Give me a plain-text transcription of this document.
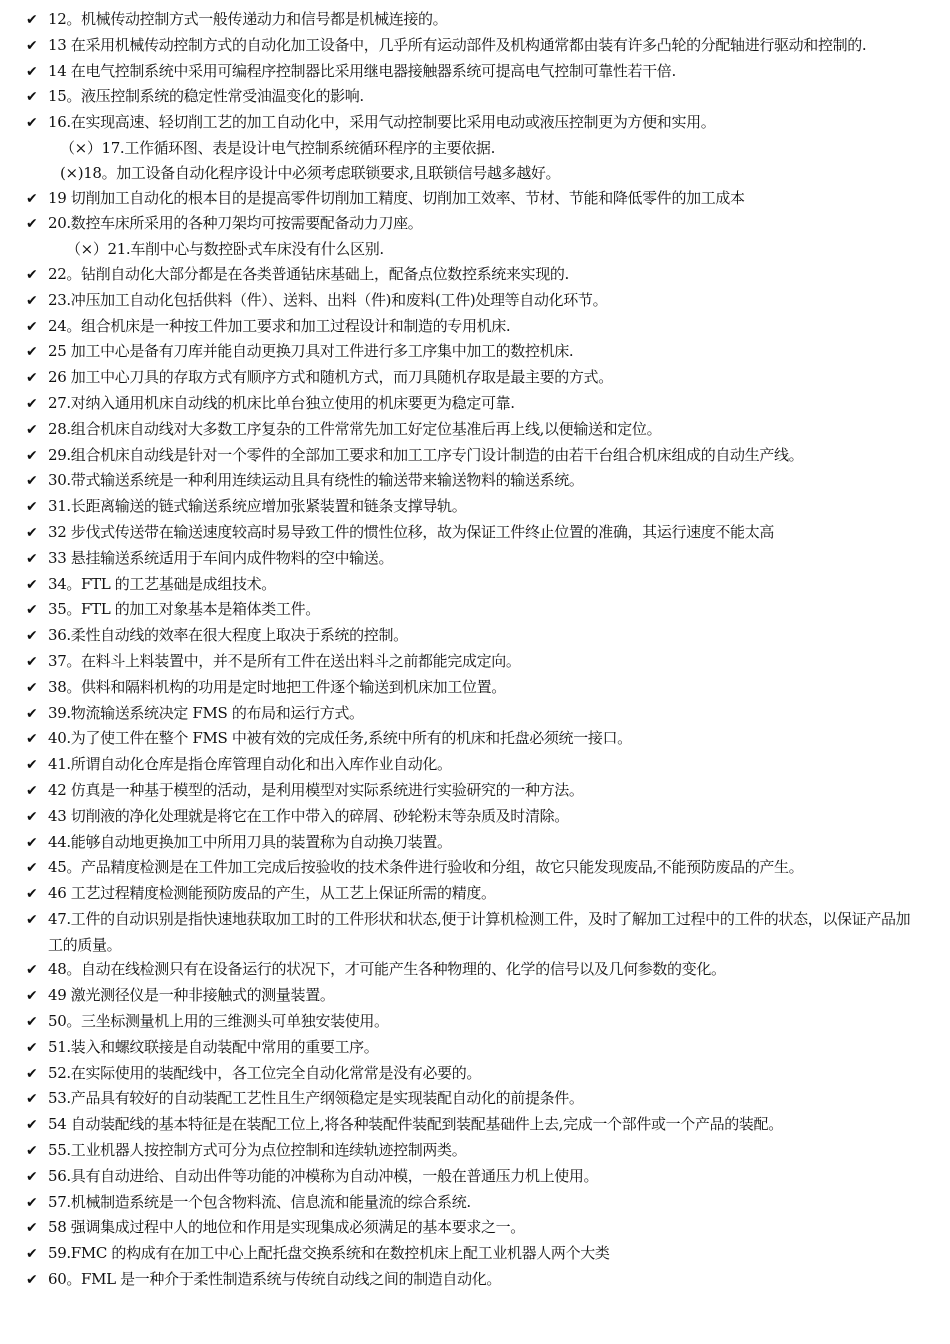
✔ 12。机械传动控制方式一般传递动力和信号都是机械连接的。
✔ 13 在采用机械传动控制方式的自动化加工设备中，几乎所有运动部件及机构通常都由装有许多凸轮的分配轴进行驱动和控制的.
✔ 14 在电气控制系统中采用可编程序控制器比采用继电器接触器系统可提高电气控制可靠性若干倍.
✔ 15。液压控制系统的稳定性常受油温变化的影响.
✔ 16.在实现高速、轻切削工艺的加工自动化中，采用气动控制要比采用电动或液压控制更为方便和实用。
（×）17.工作循环图、表是设计电气控制系统循环程序的主要依据.
(×)18。加工设备自动化程序设计中必须考虑联锁要求,且联锁信号越多越好。
✔ 19 切削加工自动化的根本目的是提高零件切削加工精度、切削加工效率、节材、节能和降低零件的加工成本
✔ 20.数控车床所采用的各种刀架均可按需要配备动力刀座。
（×）21.车削中心与数控卧式车床没有什么区别.
✔ 22。钻削自动化大部分都是在各类普通钻床基础上，配备点位数控系统来实现的.
✔ 23.冲压加工自动化包括供料（件）、送料、出料（件)和废料(工件)处理等自动化环节。
✔ 24。组合机床是一种按工件加工要求和加工过程设计和制造的专用机床.
✔ 25 加工中心是备有刀库并能自动更换刀具对工件进行多工序集中加工的数控机床.
✔ 26 加工中心刀具的存取方式有顺序方式和随机方式，而刀具随机存取是最主要的方式。
✔ 27.对纳入通用机床自动线的机床比单台独立使用的机床要更为稳定可靠.
✔ 28.组合机床自动线对大多数工序复杂的工件常常先加工好定位基准后再上线,以便输送和定位。
✔ 29.组合机床自动线是针对一个零件的全部加工要求和加工工序专门设计制造的由若干台组合机床组成的自动生产线。
✔ 30.带式输送系统是一种利用连续运动且具有绕性的输送带来输送物料的输送系统。
✔ 31.长距离输送的链式输送系统应增加张紧装置和链条支撑导轨。
✔ 32 步伐式传送带在输送速度较高时易导致工件的惯性位移，故为保证工件终止位置的准确，其运行速度不能太高
✔ 33 悬挂输送系统适用于车间内成件物料的空中输送。
✔ 34。FTL 的工艺基础是成组技术。
✔ 35。FTL 的加工对象基本是箱体类工件。
✔ 36.柔性自动线的效率在很大程度上取决于系统的控制。
✔ 37。在料斗上料装置中，并不是所有工件在送出料斗之前都能完成定向。
✔ 38。供料和隔料机构的功用是定时地把工件逐个输送到机床加工位置。
✔ 39.物流输送系统决定 FMS 的布局和运行方式。
✔ 40.为了使工件在整个 FMS 中被有效的完成任务,系统中所有的机床和托盘必须统一接口。
✔ 41.所谓自动化仓库是指仓库管理自动化和出入库作业自动化。
✔ 42 仿真是一种基于模型的活动，是利用模型对实际系统进行实验研究的一种方法。
✔ 43 切削液的净化处理就是将它在工作中带入的碎屑、砂轮粉末等杂质及时清除。
✔ 44.能够自动地更换加工中所用刀具的装置称为自动换刀装置。
✔ 45。产品精度检测是在工件加工完成后按验收的技术条件进行验收和分组，故它只能发现废品,不能预防废品的产生。
✔ 46 工艺过程精度检测能预防废品的产生，从工艺上保证所需的精度。
✔ 47.工件的自动识别是指快速地获取加工时的工件形状和状态,便于计算机检测工件，及时了解加工过程中的工件的状态，以保证产品加工的质量。
✔ 48。自动在线检测只有在设备运行的状况下，才可能产生各种物理的、化学的信号以及几何参数的变化。
✔ 49 激光测径仪是一种非接触式的测量装置。
✔ 50。三坐标测量机上用的三维测头可单独安装使用。
✔ 51.装入和螺纹联接是自动装配中常用的重要工序。
✔ 52.在实际使用的装配线中，各工位完全自动化常常是没有必要的。
✔ 53.产品具有较好的自动装配工艺性且生产纲领稳定是实现装配自动化的前提条件。
✔ 54 自动装配线的基本特征是在装配工位上,将各种装配件装配到装配基础件上去,完成一个部件或一个产品的装配。
✔ 55.工业机器人按控制方式可分为点位控制和连续轨迹控制两类。
✔ 56.具有自动进给、自动出件等功能的冲模称为自动冲模，一般在普通压力机上使用。
✔ 57.机械制造系统是一个包含物料流、信息流和能量流的综合系统.
✔ 58 强调集成过程中人的地位和作用是实现集成必须满足的基本要求之一。
✔ 59.FMC 的构成有在加工中心上配托盘交换系统和在数控机床上配工业机器人两个大类
✔ 60。FML 是一种介于柔性制造系统与传统自动线之间的制造自动化。
